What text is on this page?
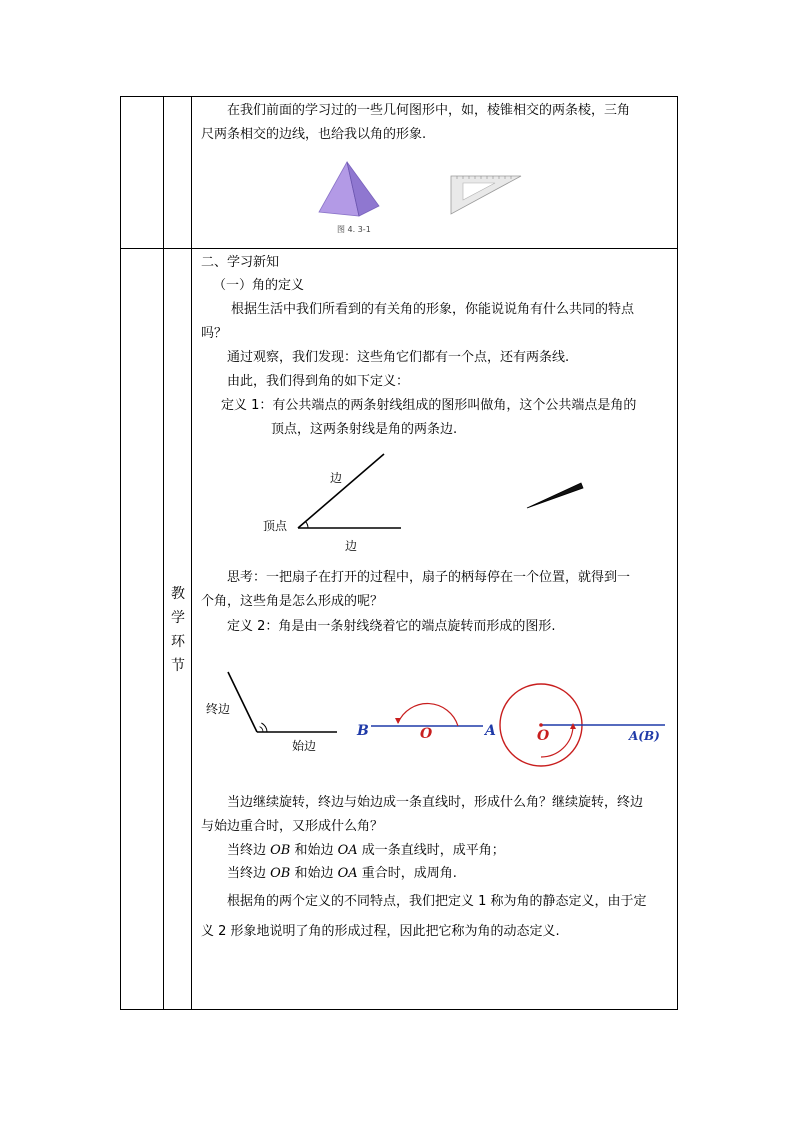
在我们前面的学习过的一些几何图形中，如，棱锥相交的两条棱，三角
尺两条相交的边线，也给我以角的形象.
图 4. 3-1
教
学
环
节
二、学习新知
（一）角的定义
根据生活中我们所看到的有关角的形象，你能说说角有什么共同的特点
吗？
通过观察，我们发现：这些角它们都有一个点，还有两条线.
由此，我们得到角的如下定义：
定义 1：有公共端点的两条射线组成的图形叫做角，这个公共端点是角的
顶点，这两条射线是角的两条边.
边
顶点
边
思考：一把扇子在打开的过程中，扇子的柄每停在一个位置，就得到一
个角，这些角是怎么形成的呢？
定义 2：角是由一条射线绕着它的端点旋转而形成的图形.
终边
始边
B	O	A	O	A(B)
当边继续旋转，终边与始边成一条直线时，形成什么角？继续旋转，终边
与始边重合时，又形成什么角？
当终边 OB 和始边 OA 成一条直线时，成平角；
当终边 OB 和始边 OA 重合时，成周角.
根据角的两个定义的不同特点，我们把定义 1 称为角的静态定义，由于定
义 2 形象地说明了角的形成过程，因此把它称为角的动态定义.
